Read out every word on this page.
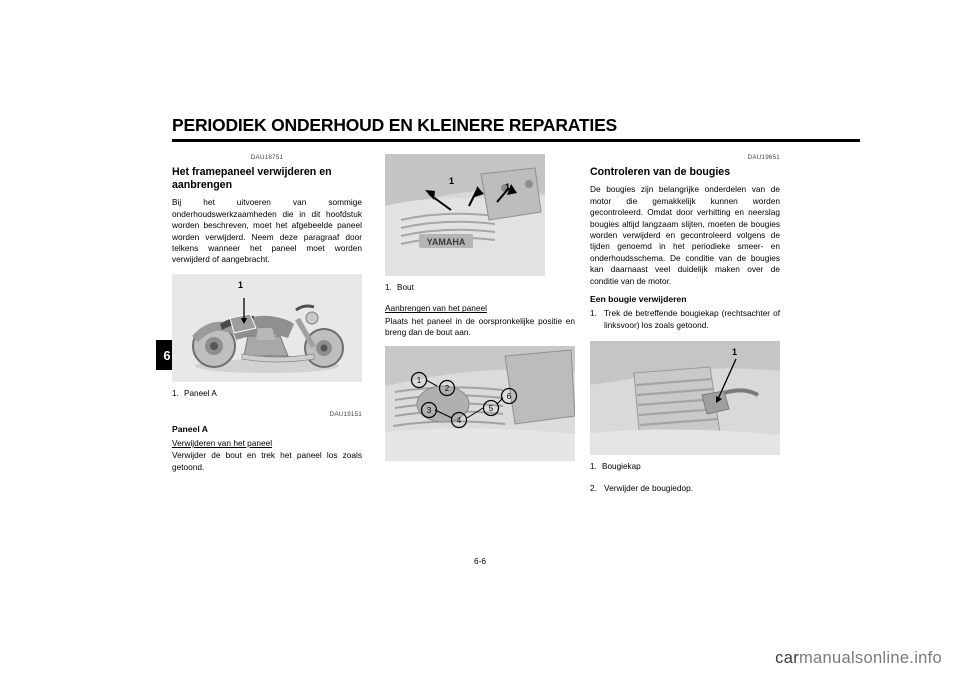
PERIODIEK ONDERHOUD EN KLEINERE REPARATIES
6
DAU18751
Het framepaneel verwijderen en aanbrengen

Bij het uitvoeren van sommige onderhoudswerkzaamheden die in dit hoofdstuk worden beschreven, moet het afgebeelde paneel worden verwijderd. Neem deze paragraaf door telkens wanneer het paneel moet worden verwijderd of aangebracht.

1
1. Paneel A
DAU19151
Paneel A

Verwijderen van het paneel

Verwijder de bout en trek het paneel los zoals getoond.

YAMAHA
1
1
1. Bout

Aanbrengen van het paneel

Plaats het paneel in de oorspronkelijke positie en breng dan de bout aan.

1
2
3
4
5
6
DAU19651
Controleren van de bougies

De bougies zijn belangrijke onderdelen van de motor die gemakkelijk kunnen worden gecontroleerd. Omdat door verhitting en neerslag bougies altijd langzaam slijten, moeten de bougies worden verwijderd en gecontroleerd volgens de tijden genoemd in het periodieke smeer- en onderhoudsschema. De conditie van de bougies kan daarnaast veel duidelijk maken over de conditie van de motor.

Een bougie verwijderen
1. Trek de betreffende bougiekap (rechtsachter of linksvoor) los zoals getoond.
1
1. Bougiekap
2. Verwijder de bougiedop.
6-6
carmanualsonline.info
